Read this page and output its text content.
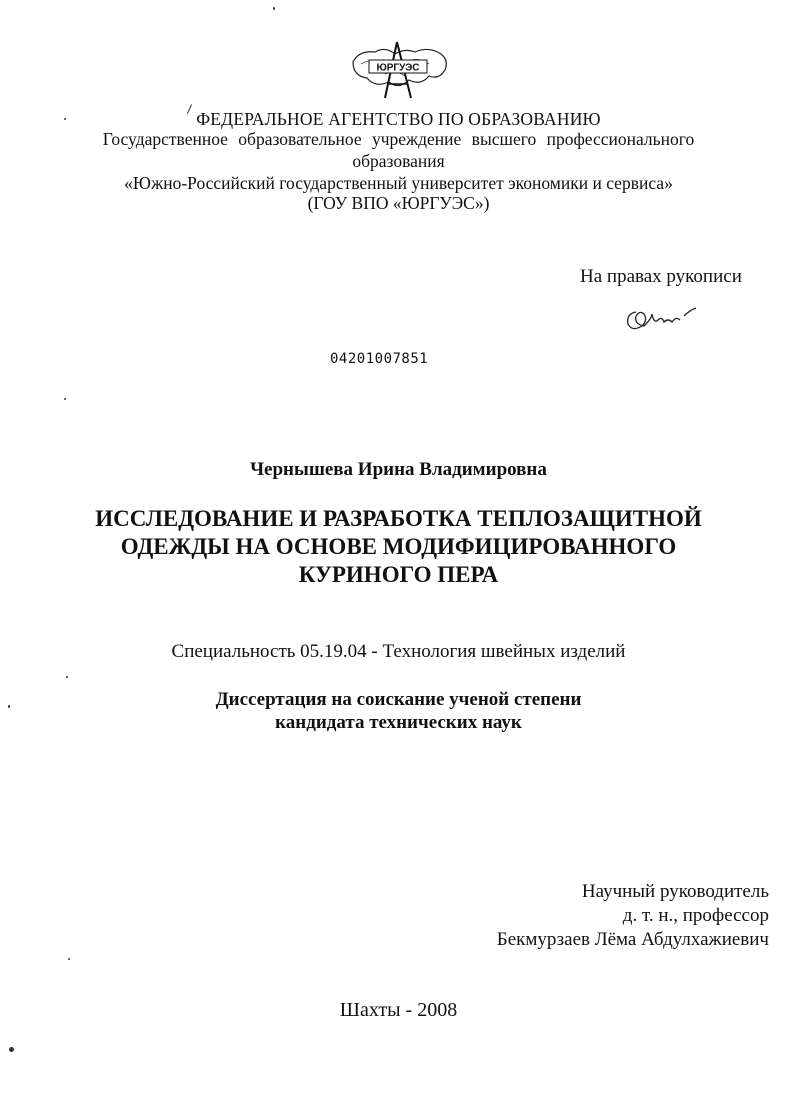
ЮРГУЭС
ФЕДЕРАЛЬНОЕ АГЕНТСТВО ПО ОБРАЗОВАНИЮ
Государственное образовательное учреждение высшего профессионального
образования
«Южно-Российский государственный университет экономики и сервиса»
(ГОУ ВПО «ЮРГУЭС»)
На правах рукописи
04201007851
Чернышева Ирина Владимировна
ИССЛЕДОВАНИЕ И РАЗРАБОТКА ТЕПЛОЗАЩИТНОЙ
ОДЕЖДЫ НА ОСНОВЕ МОДИФИЦИРОВАННОГО
КУРИНОГО ПЕРА
Специальность 05.19.04 - Технология швейных изделий
Диссертация на соискание ученой степени
кандидата технических наук
Научный руководитель
д. т. н., профессор
Бекмурзаев Лёма Абдулхажиевич
Шахты - 2008
